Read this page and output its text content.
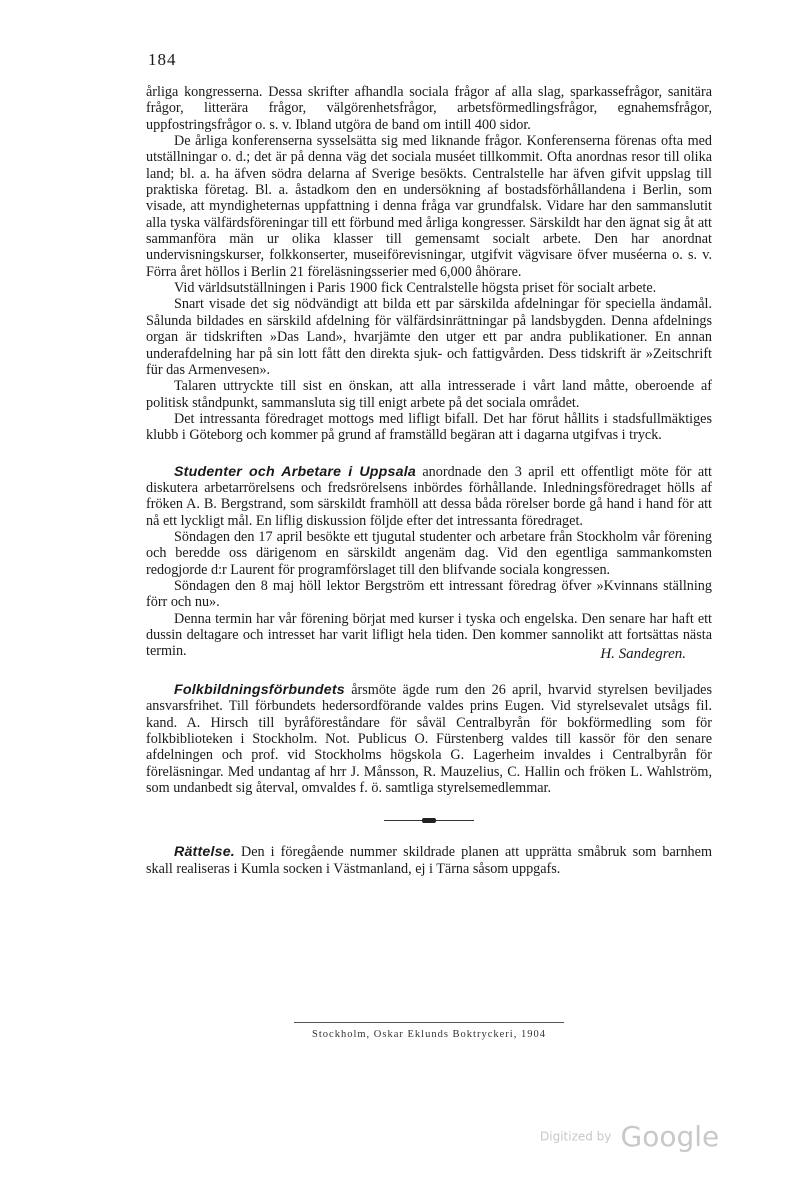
184

årliga kongresserna. Dessa skrifter afhandla sociala frågor af alla slag, sparkassefrågor, sanitära frågor, litterära frågor, välgörenhetsfrågor, arbetsförmedlingsfrågor, egnahemsfrågor, uppfostringsfrågor o. s. v. Ibland utgöra de band om intill 400 sidor.

De årliga konferenserna sysselsätta sig med liknande frågor. Konferenserna förenas ofta med utställningar o. d.; det är på denna väg det sociala muséet tillkommit. Ofta anordnas resor till olika land; bl. a. ha äfven södra delarna af Sverige besökts. Centralstelle har äfven gifvit uppslag till praktiska företag. Bl. a. åstadkom den en undersökning af bostadsförhållandena i Berlin, som visade, att myndigheternas uppfattning i denna fråga var grundfalsk. Vidare har den sammanslutit alla tyska välfärdsföreningar till ett förbund med årliga kongresser. Särskildt har den ägnat sig åt att sammanföra män ur olika klasser till gemensamt socialt arbete. Den har anordnat undervisningskurser, folkkonserter, museiförevisningar, utgifvit vägvisare öfver muséerna o. s. v. Förra året höllos i Berlin 21 föreläsningsserier med 6,000 åhörare.

Vid världsutställningen i Paris 1900 fick Centralstelle högsta priset för socialt arbete.

Snart visade det sig nödvändigt att bilda ett par särskilda afdelningar för speciella ändamål. Sålunda bildades en särskild afdelning för välfärdsinrättningar på landsbygden. Denna afdelnings organ är tidskriften »Das Land», hvarjämte den utger ett par andra publikationer. En annan underafdelning har på sin lott fått den direkta sjuk- och fattigvården. Dess tidskrift är »Zeitschrift für das Armenvesen».

Talaren uttryckte till sist en önskan, att alla intresserade i vårt land måtte, oberoende af politisk ståndpunkt, sammansluta sig till enigt arbete på det sociala området.

Det intressanta föredraget mottogs med lifligt bifall. Det har förut hållits i stadsfullmäktiges klubb i Göteborg och kommer på grund af framställd begäran att i dagarna utgifvas i tryck.

Studenter och Arbetare i Uppsala anordnade den 3 april ett offentligt möte för att diskutera arbetarrörelsens och fredsrörelsens inbördes förhållande. Inledningsföredraget hölls af fröken A. B. Bergstrand, som särskildt framhöll att dessa båda rörelser borde gå hand i hand för att nå ett lyckligt mål. En liflig diskussion följde efter det intressanta föredraget.

Söndagen den 17 april besökte ett tjugutal studenter och arbetare från Stockholm vår förening och beredde oss därigenom en särskildt angenäm dag. Vid den egentliga sammankomsten redogjorde d:r Laurent för programförslaget till den blifvande sociala kongressen.

Söndagen den 8 maj höll lektor Bergström ett intressant föredrag öfver »Kvinnans ställning förr och nu».

Denna termin har vår förening börjat med kurser i tyska och engelska. Den senare har haft ett dussin deltagare och intresset har varit lifligt hela tiden. Den kommer sannolikt att fortsättas nästa termin.	H. Sandegren.

Folkbildningsförbundets årsmöte ägde rum den 26 april, hvarvid styrelsen beviljades ansvarsfrihet. Till förbundets hedersordförande valdes prins Eugen. Vid styrelsevalet utsågs fil. kand. A. Hirsch till byråföreståndare för såväl Centralbyrån för bokförmedling som för folkbiblioteken i Stockholm. Not. Publicus O. Fürstenberg valdes till kassör för den senare afdelningen och prof. vid Stockholms högskola G. Lagerheim invaldes i Centralbyrån för föreläsningar. Med undantag af hrr J. Månsson, R. Mauzelius, C. Hallin och fröken L. Wahlström, som undanbedt sig återval, omvaldes f. ö. samtliga styrelsemedlemmar.

Rättelse. Den i föregående nummer skildrade planen att upprätta småbruk som barnhem skall realiseras i Kumla socken i Västmanland, ej i Tärna såsom uppgafs.

Stockholm, Oskar Eklunds Boktryckeri, 1904
Digitized by Google
